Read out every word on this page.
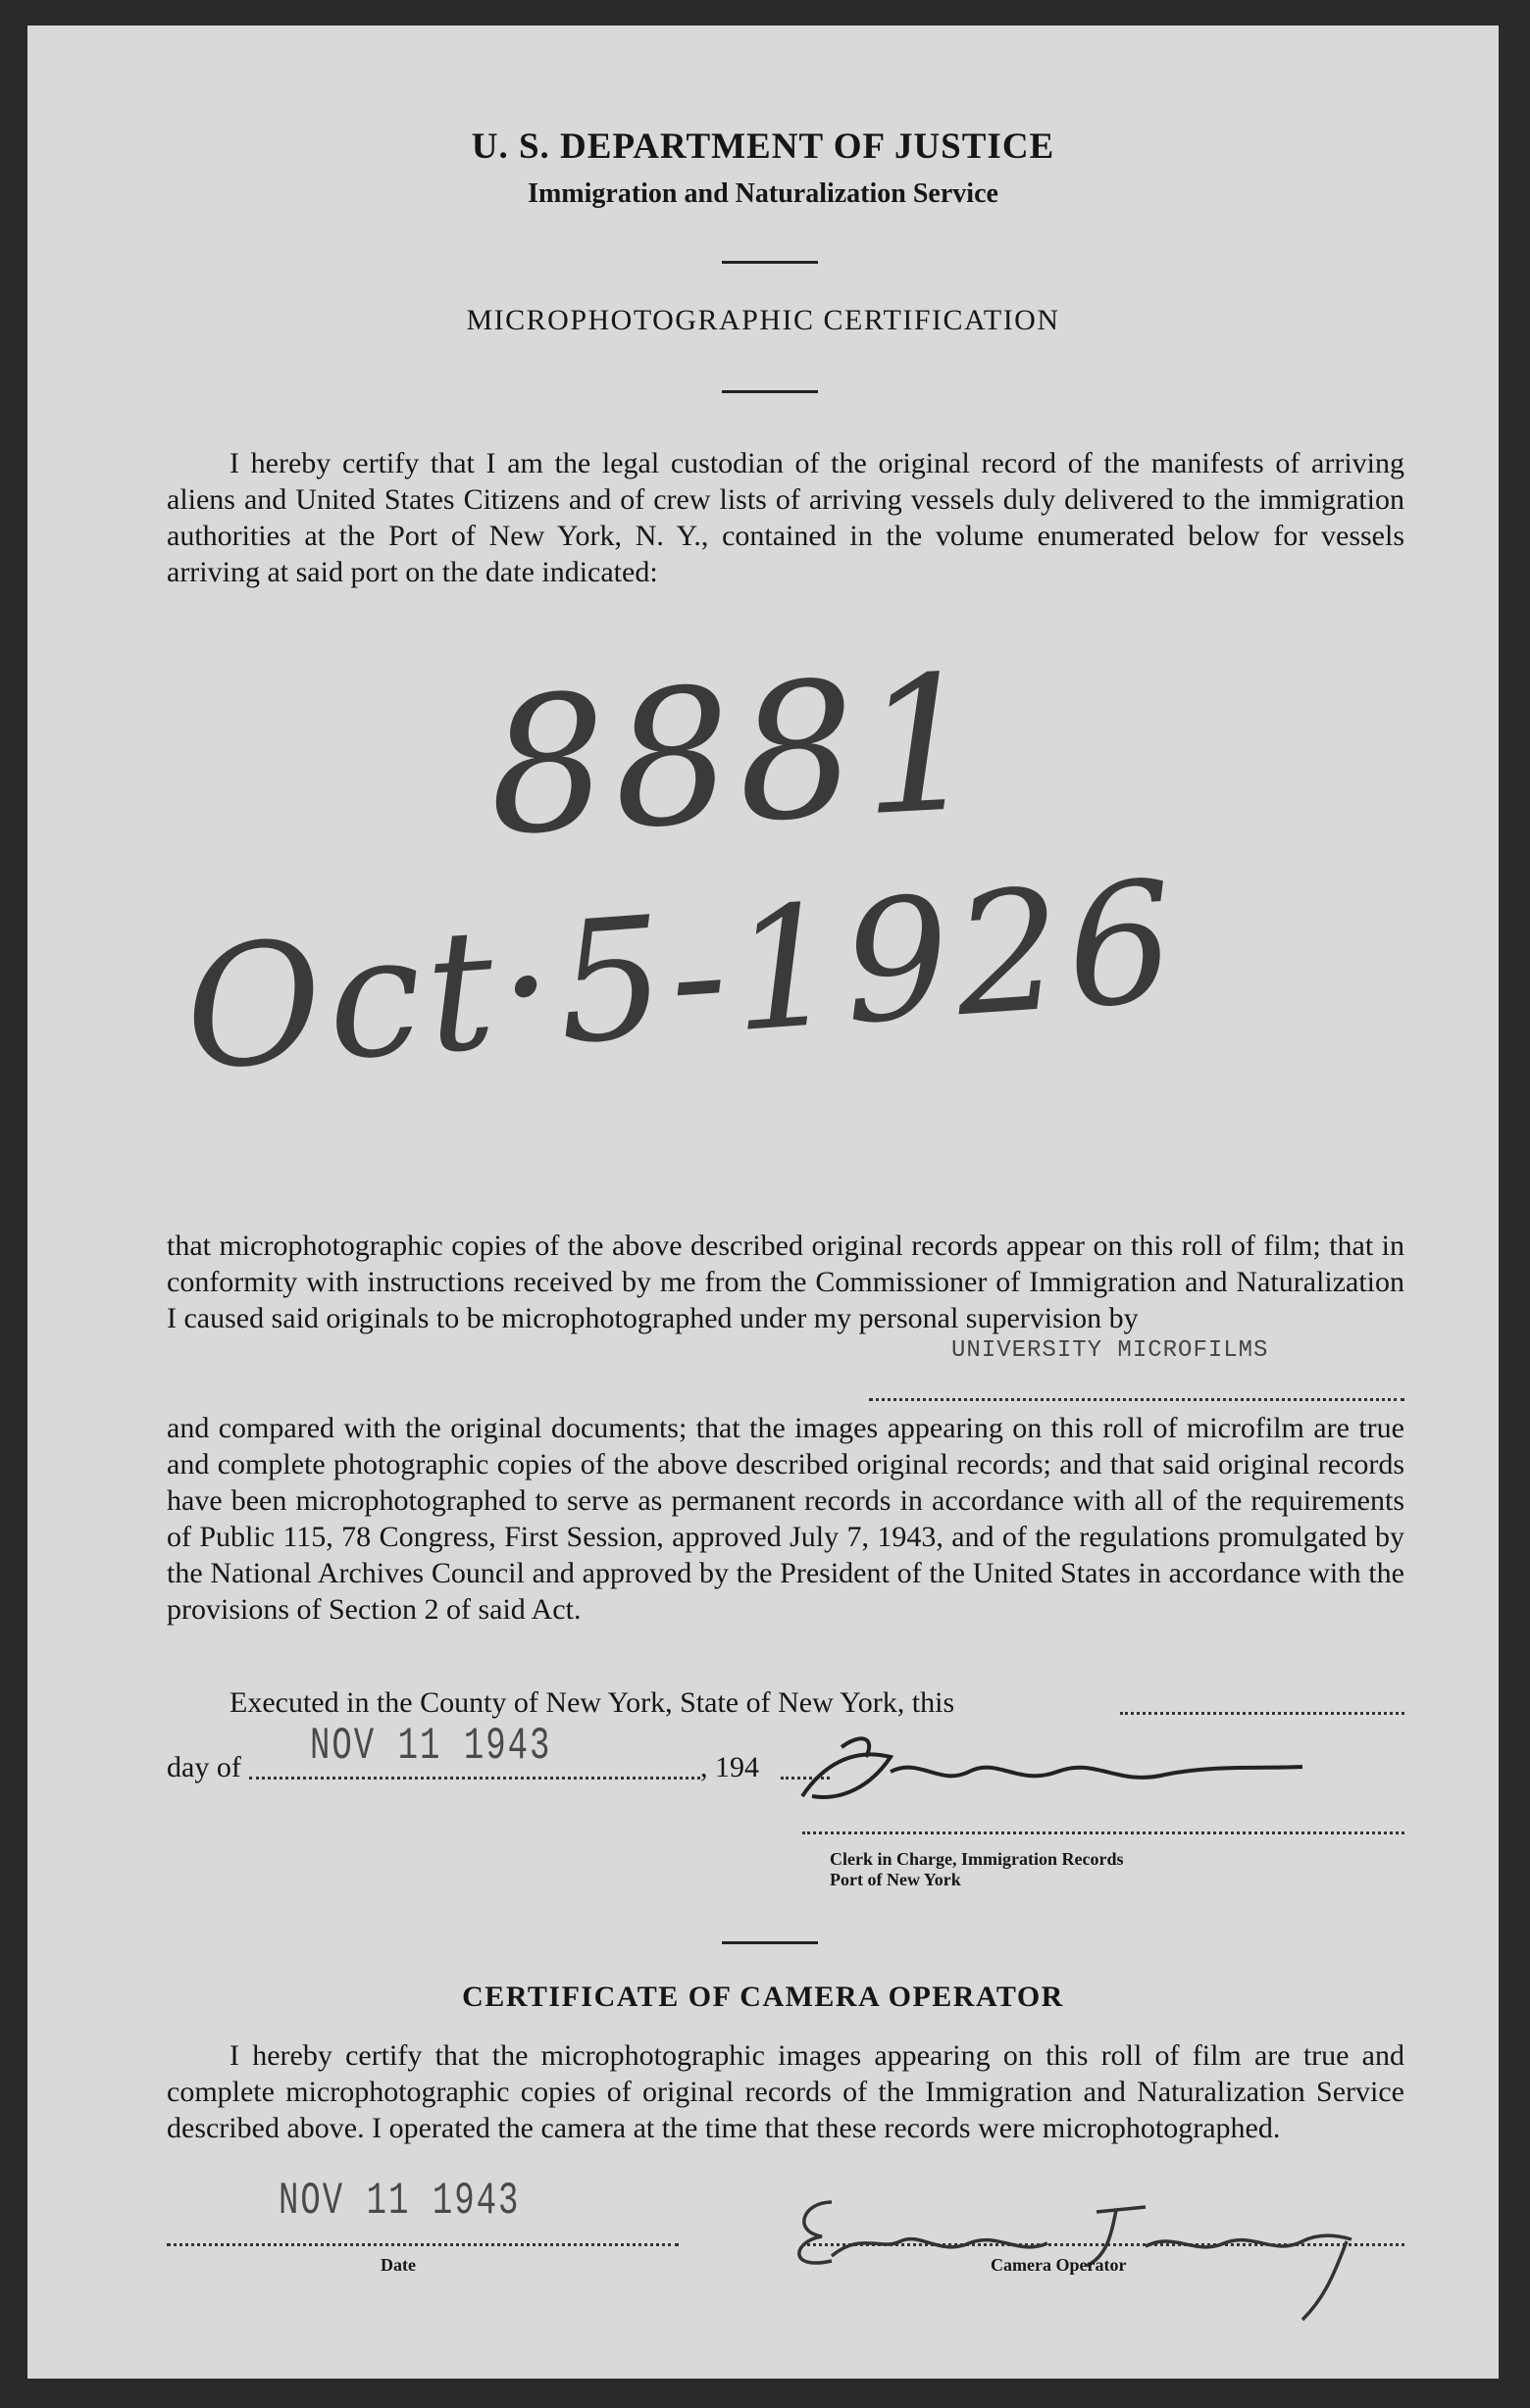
U. S. DEPARTMENT OF JUSTICE
Immigration and Naturalization Service
MICROPHOTOGRAPHIC CERTIFICATION

I hereby certify that I am the legal custodian of the original record of the manifests of arriving aliens and United States Citizens and of crew lists of arriving vessels duly delivered to the immigration authorities at the Port of New York, N. Y., contained in the volume enumerated below for vessels arriving at said port on the date indicated:

8881
Oct·5-1926

that microphotographic copies of the above described original records appear on this roll of film; that in conformity with instructions received by me from the Commissioner of Immigration and Naturalization I caused said originals to be microphotographed under my personal supervision by

UNIVERSITY MICROFILMS

and compared with the original documents; that the images appearing on this roll of microfilm are true and complete photographic copies of the above described original records; and that said original records have been microphotographed to serve as permanent records in accordance with all of the requirements of Public 115, 78 Congress, First Session, approved July 7, 1943, and of the regulations promulgated by the National Archives Council and approved by the President of the United States in accordance with the provisions of Section 2 of said Act.

Executed in the County of New York, State of New York, this
day of NOV 11 1943	, 194
Clerk in Charge, Immigration Records
Port of New York
CERTIFICATE OF CAMERA OPERATOR

I hereby certify that the microphotographic images appearing on this roll of film are true and complete microphotographic copies of original records of the Immigration and Naturalization Service described above. I operated the camera at the time that these records were microphotographed.

NOV 11 1943
Date	Camera Operator
